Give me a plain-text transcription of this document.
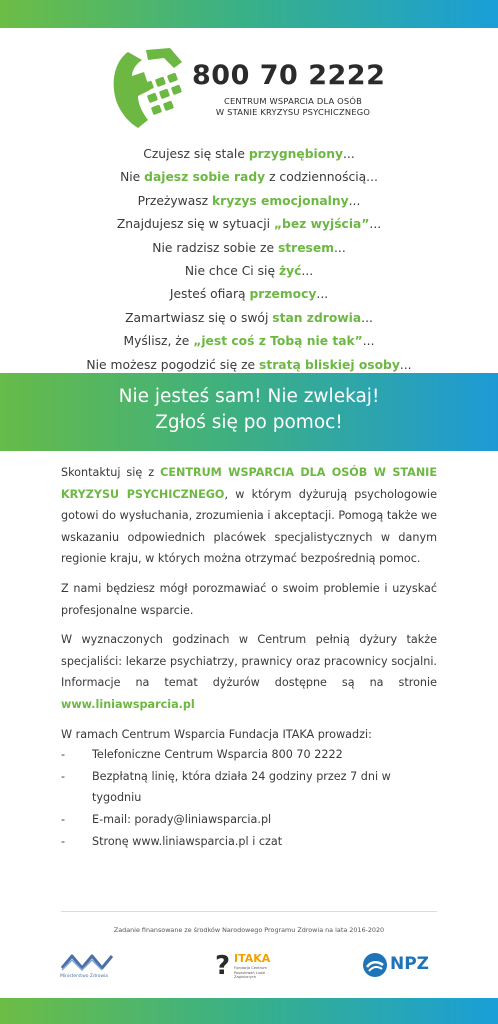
800 70 2222
CENTRUM WSPARCIA DLA OSÓB
W STANIE KRYZYSU PSYCHICZNEGO
Czujesz się stale przygnębiony...
Nie dajesz sobie rady z codziennością...
Przeżywasz kryzys emocjonalny...
Znajdujesz się w sytuacji „bez wyjścia”...
Nie radzisz sobie ze stresem...
Nie chce Ci się żyć...
Jesteś ofiarą przemocy...
Zamartwiasz się o swój stan zdrowia...
Myślisz, że „jest coś z Tobą nie tak”...
Nie możesz pogodzić się ze stratą bliskiej osoby...
Nie jesteś sam! Nie zwlekaj!
Zgłoś się po pomoc!

Skontaktuj się z CENTRUM WSPARCIA DLA OSÓB W STANIE KRYZYSU PSYCHICZNEGO, w którym dyżurują psychologowie gotowi do wysłuchania, zrozumienia i akceptacji. Pomogą także we wskazaniu odpowiednich placówek specjalistycznych w danym regionie kraju, w których można otrzymać bezpośrednią pomoc.

Z nami będziesz mógł porozmawiać o swoim problemie i uzyskać profesjonalne wsparcie.

W wyznaczonych godzinach w Centrum pełnią dyżury także specjaliści: lekarze psychiatrzy, prawnicy oraz pracownicy socjalni. Informacje na temat dyżurów dostępne są na stronie www.liniawsparcia.pl

W ramach Centrum Wsparcia Fundacja ITAKA prowadzi:

-	Telefoniczne Centrum Wsparcia 800 70 2222
-	Bezpłatną linię, która działa 24 godziny przez 7 dni w tygodniu
-	E-mail: porady@liniawsparcia.pl
-	Stronę www.liniawsparcia.pl i czat
Zadanie finansowane ze środków Narodowego Programu Zdrowia na lata 2016-2020
Ministerstwo Zdrowia	? ITAKA
Fundacja Centrum Poszukiwań Ludzi Zaginionych
NPZ
